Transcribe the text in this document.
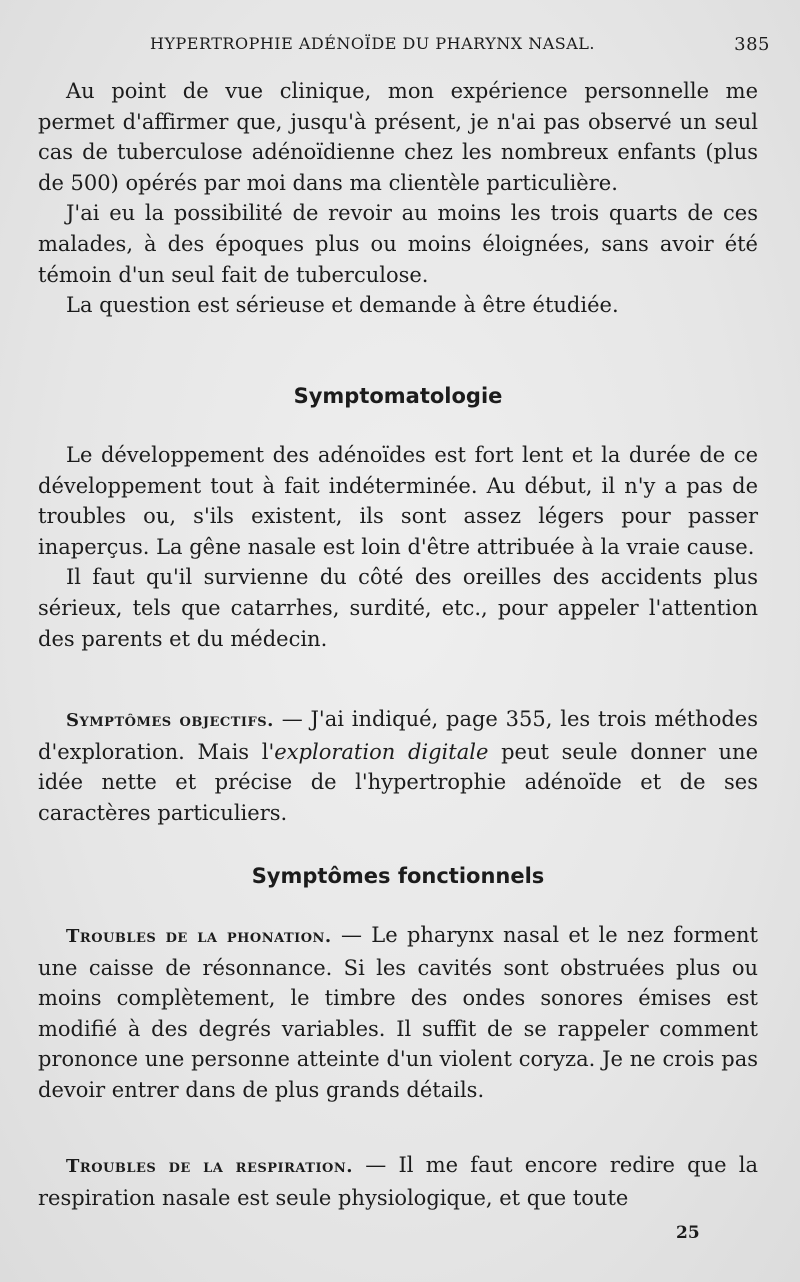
HYPERTROPHIE ADÉNOÏDE DU PHARYNX NASAL.	385

Au point de vue clinique, mon expérience personnelle me permet d'affirmer que, jusqu'à présent, je n'ai pas observé un seul cas de tuberculose adénoïdienne chez les nombreux enfants (plus de 500) opérés par moi dans ma clientèle particulière.

J'ai eu la possibilité de revoir au moins les trois quarts de ces malades, à des époques plus ou moins éloignées, sans avoir été témoin d'un seul fait de tuberculose.

La question est sérieuse et demande à être étudiée.

Symptomatologie

Le développement des adénoïdes est fort lent et la durée de ce développement tout à fait indéterminée. Au début, il n'y a pas de troubles ou, s'ils existent, ils sont assez légers pour passer inaperçus. La gêne nasale est loin d'être attribuée à la vraie cause.

Il faut qu'il survienne du côté des oreilles des accidents plus sérieux, tels que catarrhes, surdité, etc., pour appeler l'attention des parents et du médecin.

Symptômes objectifs. — J'ai indiqué, page 355, les trois méthodes d'exploration. Mais l'exploration digitale peut seule donner une idée nette et précise de l'hypertrophie adénoïde et de ses caractères particuliers.

Symptômes fonctionnels

Troubles de la phonation. — Le pharynx nasal et le nez forment une caisse de résonnance. Si les cavités sont obstruées plus ou moins complètement, le timbre des ondes sonores émises est modifié à des degrés variables. Il suffit de se rappeler comment prononce une personne atteinte d'un violent coryza. Je ne crois pas devoir entrer dans de plus grands détails.

Troubles de la respiration. — Il me faut encore redire que la respiration nasale est seule physiologique, et que toute

25
